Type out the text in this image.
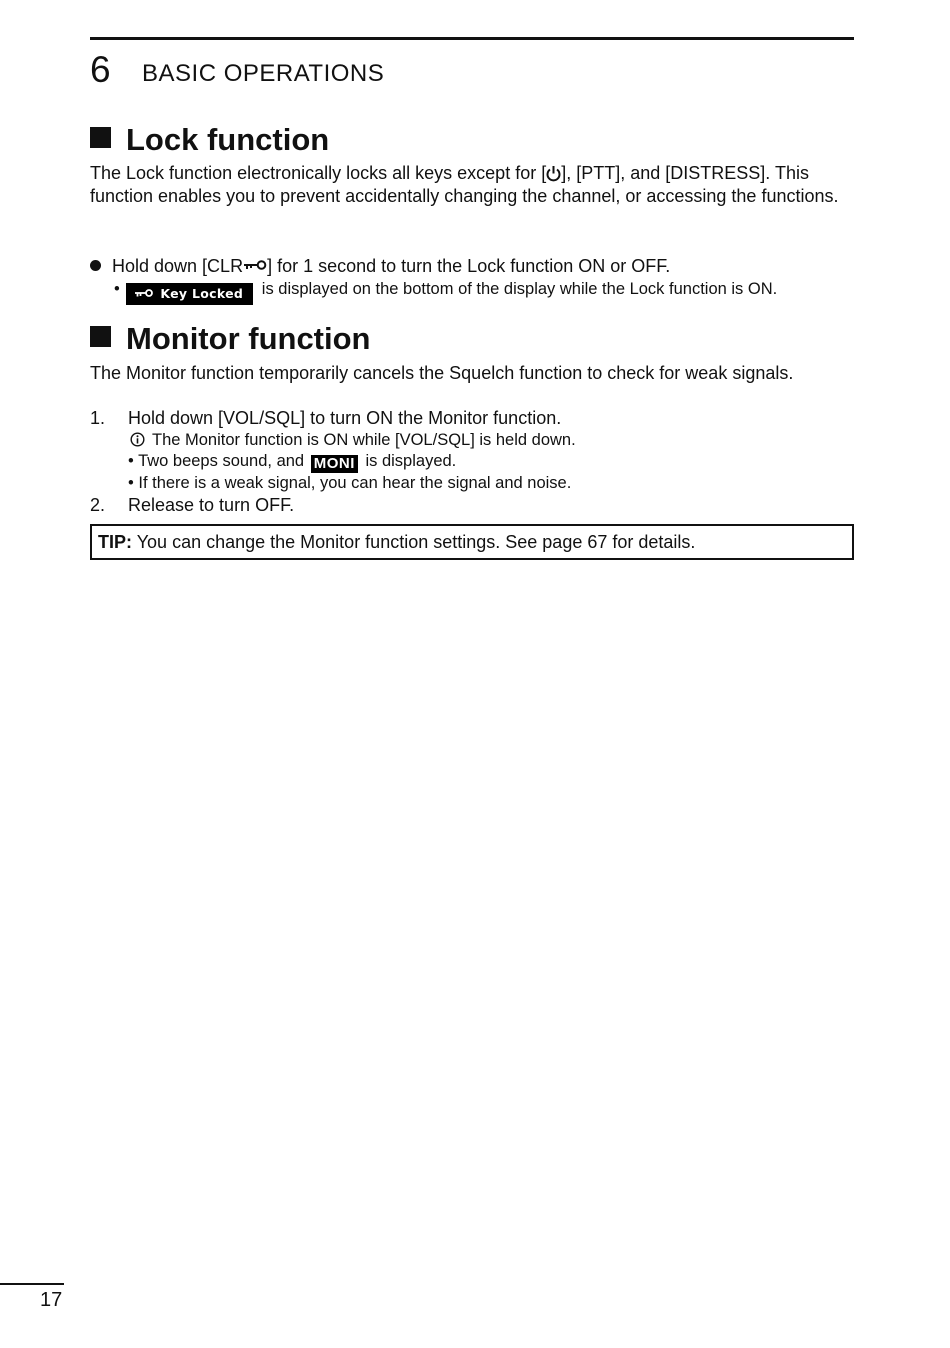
6 BASIC OPERATIONS
Lock function
The Lock function electronically locks all keys except for [ ], [PTT], and [DISTRESS]. This function enables you to prevent accidentally changing the channel, or accessing the functions.
Hold down [CLR ] for 1 second to turn the Lock function ON or OFF.
•	Key Locked is displayed on the bottom of the display while the Lock function is ON.
Monitor function
The Monitor function temporarily cancels the Squelch function to check for weak signals.
1. Hold down [VOL/SQL] to turn ON the Monitor function.
The Monitor function is ON while [VOL/SQL] is held down.
• Two beeps sound, and MONI is displayed.
• If there is a weak signal, you can hear the signal and noise.
2. Release to turn OFF.
TIP: You can change the Monitor function settings. See page 67 for details.
17
